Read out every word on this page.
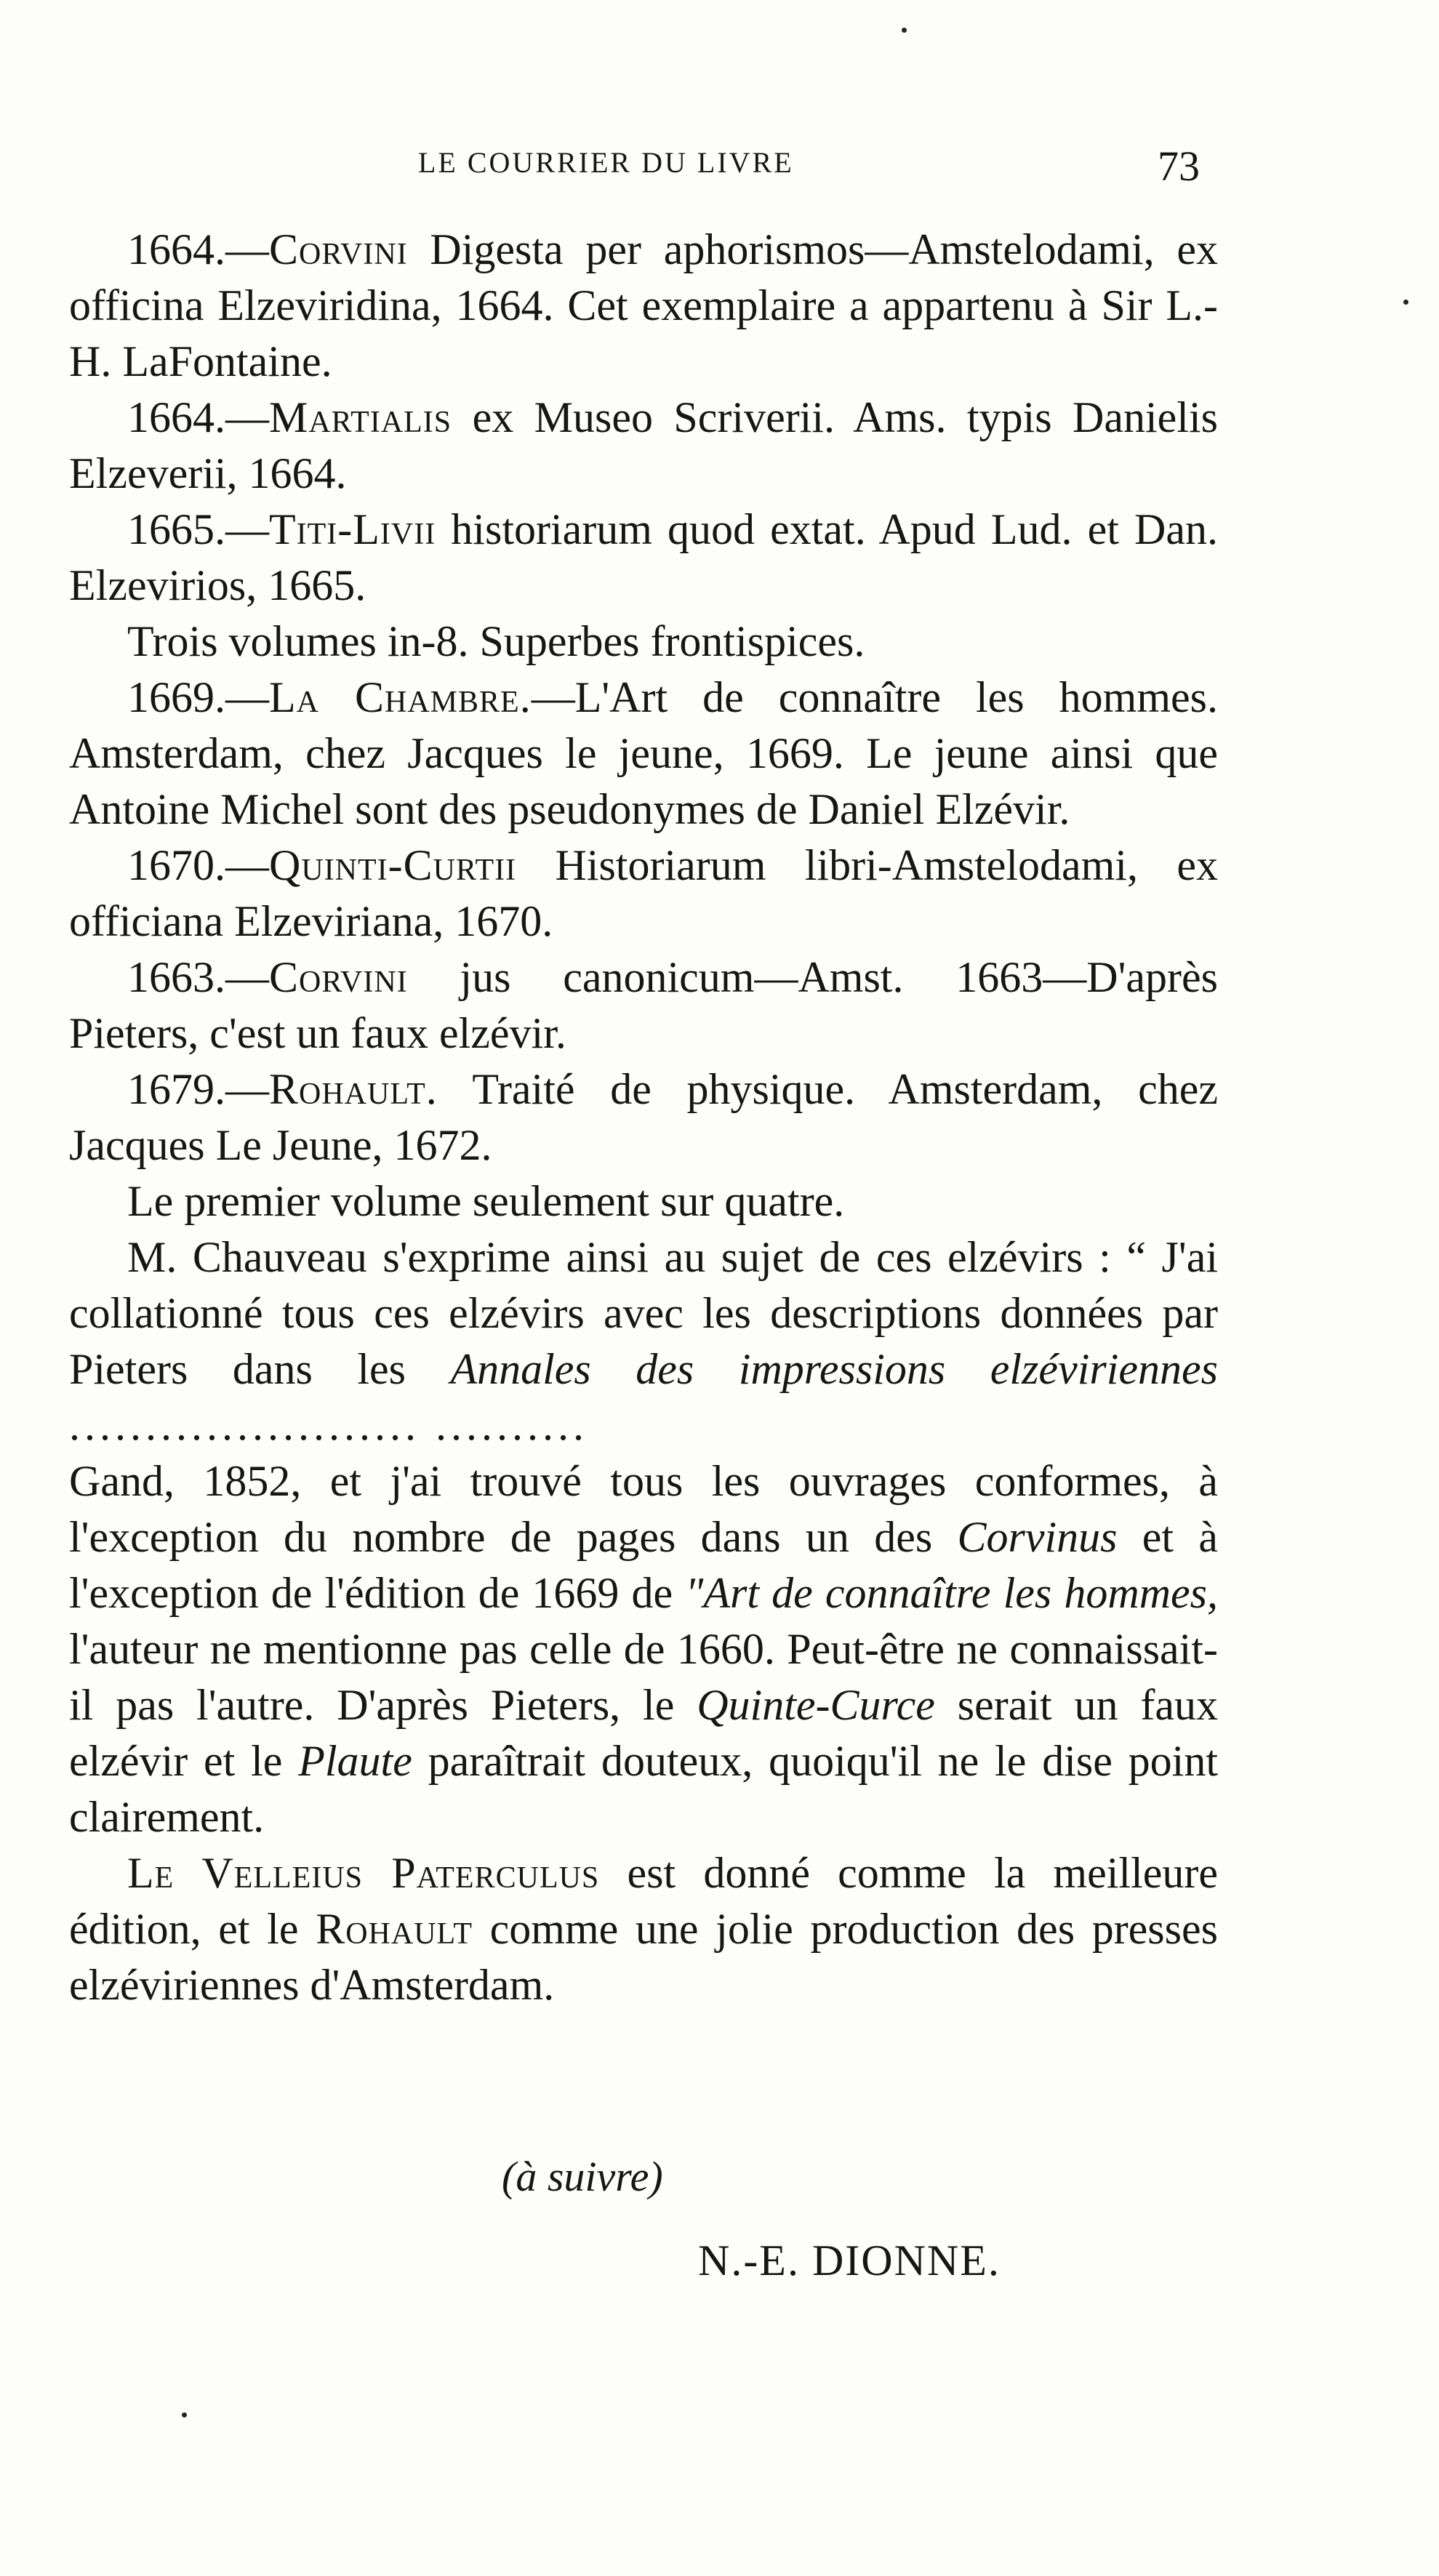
LE COURRIER DU LIVRE	73

1664.—Corvini Digesta per aphorismos—Amstelodami, ex officina Elzeviridina, 1664. Cet exemplaire a appartenu à Sir L.-H. LaFontaine.

1664.—Martialis ex Museo Scriverii. Ams. typis Danielis Elzeverii, 1664.

1665.—Titi-Livii historiarum quod extat. Apud Lud. et Dan. Elzevirios, 1665.

Trois volumes in-8. Superbes frontispices.

1669.—La Chambre.—L'Art de connaître les hommes. Amsterdam, chez Jacques le jeune, 1669. Le jeune ainsi que Antoine Michel sont des pseudonymes de Daniel Elzévir.

1670.—Quinti-Curtii Historiarum libri-Amstelodami, ex officiana Elzeviriana, 1670.

1663.—Corvini jus canonicum—Amst. 1663—D'après Pieters, c'est un faux elzévir.

1679.—Rohault. Traité de physique. Amsterdam, chez Jacques Le Jeune, 1672.

Le premier volume seulement sur quatre.

M. Chauveau s'exprime ainsi au sujet de ces elzévirs : “ J'ai collationné tous ces elzévirs avec les descriptions données par Pieters dans les Annales des impressions elzéviriennes ....................... ..........
Gand, 1852, et j'ai trouvé tous les ouvrages conformes, à l'exception du nombre de pages dans un des Corvinus et à l'exception de l'édition de 1669 de "Art de connaître les hommes, l'auteur ne mentionne pas celle de 1660. Peut-être ne connaissait-il pas l'autre. D'après Pieters, le Quinte-Curce serait un faux elzévir et le Plaute paraîtrait douteux, quoiqu'il ne le dise point clairement.

Le Velleius Paterculus est donné comme la meilleure édition, et le Rohault comme une jolie production des presses elzéviriennes d'Amsterdam.

(à suivre)
N.-E. DIONNE.
